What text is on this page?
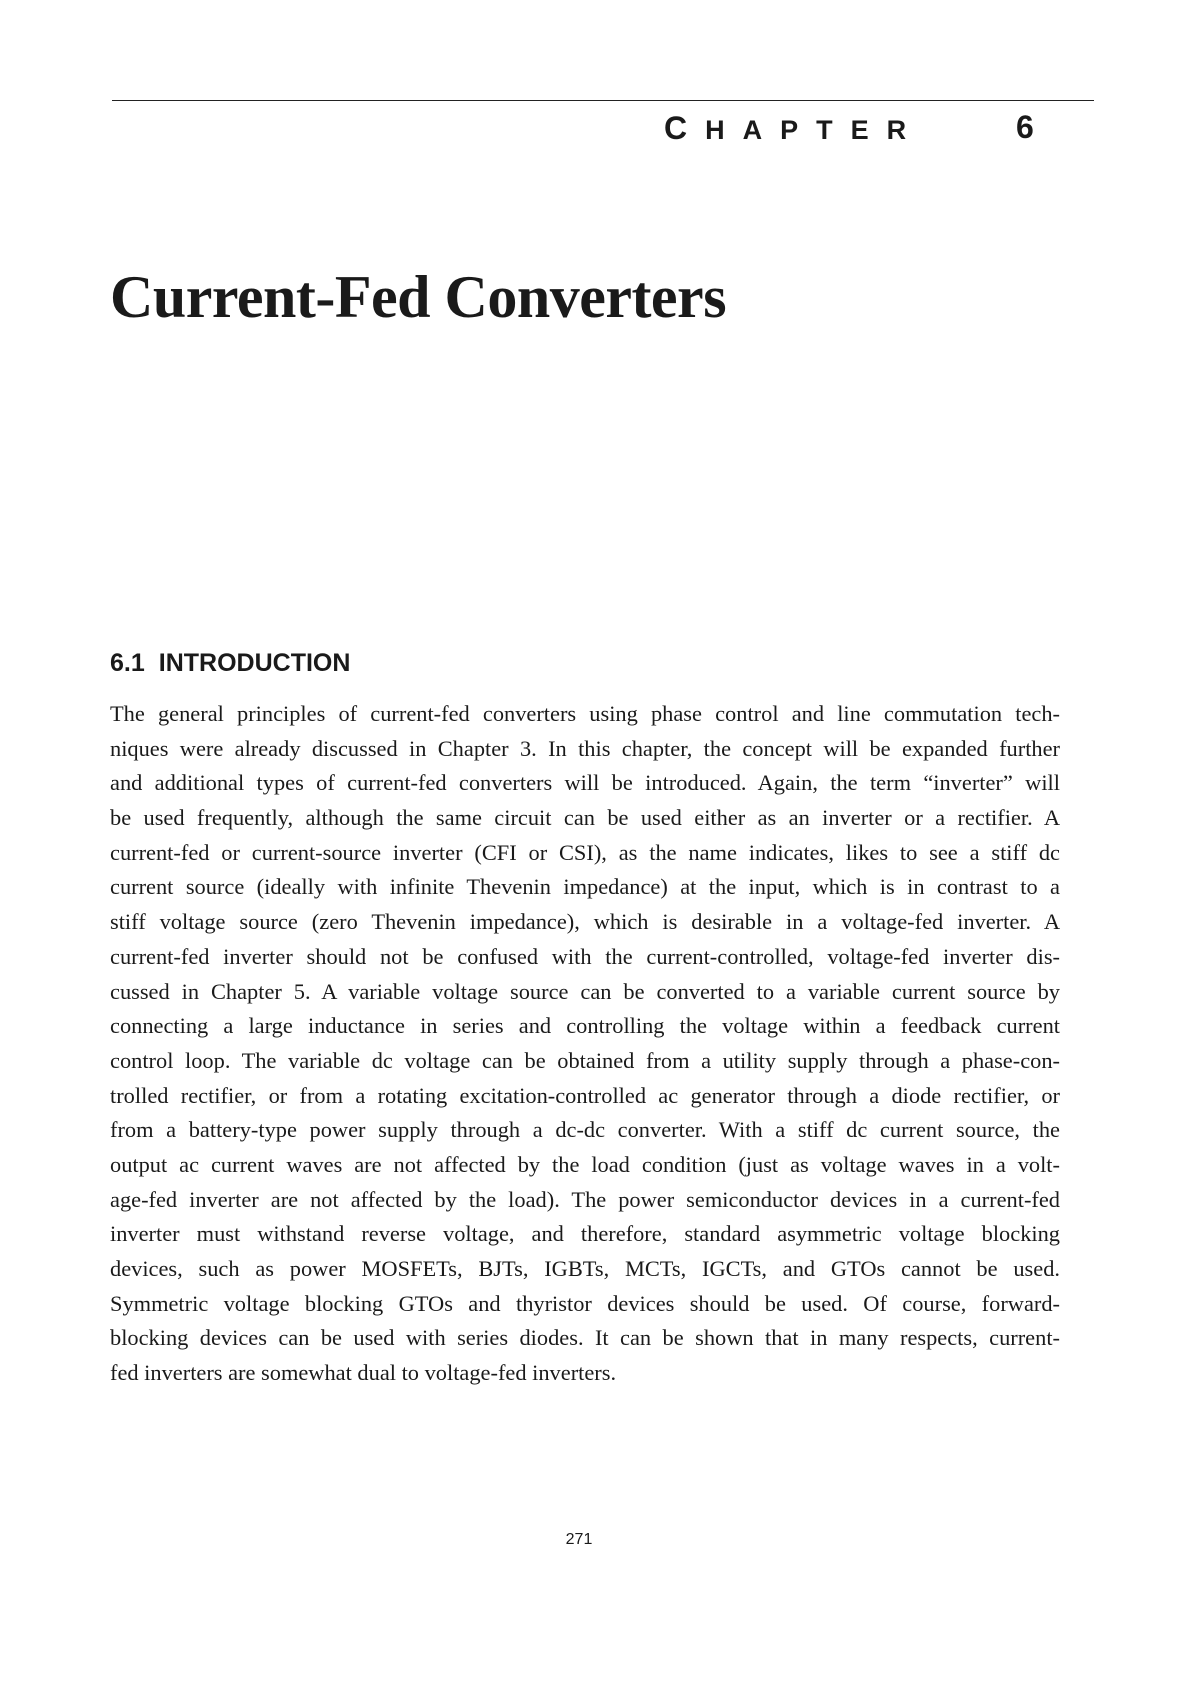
CHAPTER	6
Current-Fed Converters
6.1 INTRODUCTION
The general principles of current-fed converters using phase control and line commutation tech-
niques were already discussed in Chapter 3. In this chapter, the concept will be expanded further
and additional types of current-fed converters will be introduced. Again, the term “inverter” will
be used frequently, although the same circuit can be used either as an inverter or a rectifier. A
current-fed or current-source inverter (CFI or CSI), as the name indicates, likes to see a stiff dc
current source (ideally with infinite Thevenin impedance) at the input, which is in contrast to a
stiff voltage source (zero Thevenin impedance), which is desirable in a voltage-fed inverter. A
current-fed inverter should not be confused with the current-controlled, voltage-fed inverter dis-
cussed in Chapter 5. A variable voltage source can be converted to a variable current source by
connecting a large inductance in series and controlling the voltage within a feedback current
control loop. The variable dc voltage can be obtained from a utility supply through a phase-con-
trolled rectifier, or from a rotating excitation-controlled ac generator through a diode rectifier, or
from a battery-type power supply through a dc-dc converter. With a stiff dc current source, the
output ac current waves are not affected by the load condition (just as voltage waves in a volt-
age-fed inverter are not affected by the load). The power semiconductor devices in a current-fed
inverter must withstand reverse voltage, and therefore, standard asymmetric voltage blocking
devices, such as power MOSFETs, BJTs, IGBTs, MCTs, IGCTs, and GTOs cannot be used.
Symmetric voltage blocking GTOs and thyristor devices should be used. Of course, forward-
blocking devices can be used with series diodes. It can be shown that in many respects, current-
fed inverters are somewhat dual to voltage-fed inverters.
271
